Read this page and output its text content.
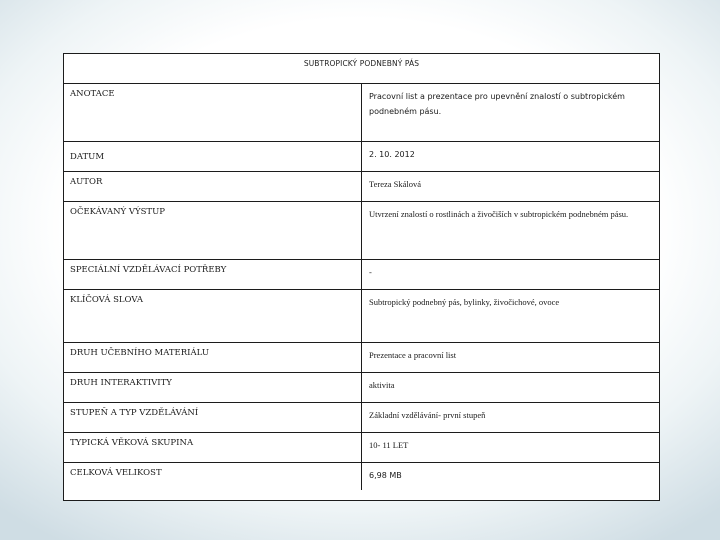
SUBTROPICKÝ PODNEBNÝ PÁS
ANOTACE	Pracovní list a prezentace pro upevnění znalostí o subtropickém podnebném pásu.
DATUM	2. 10. 2012
AUTOR	Tereza Skálová
OČEKÁVANÝ VÝSTUP	Utvrzení znalostí o rostlinách a živočiších v subtropickém podnebném pásu.
SPECIÁLNÍ VZDĚLÁVACÍ POTŘEBY	-
KLÍČOVÁ SLOVA	Subtropický podnebný pás, bylinky, živočichové, ovoce
DRUH UČEBNÍHO MATERIÁLU	Prezentace a pracovní list
DRUH INTERAKTIVITY	aktivita
STUPEŇ A TYP VZDĚLÁVÁNÍ	Základní vzdělávání- první stupeň
TYPICKÁ VĚKOVÁ SKUPINA	10- 11 LET
CELKOVÁ VELIKOST	6,98 MB
